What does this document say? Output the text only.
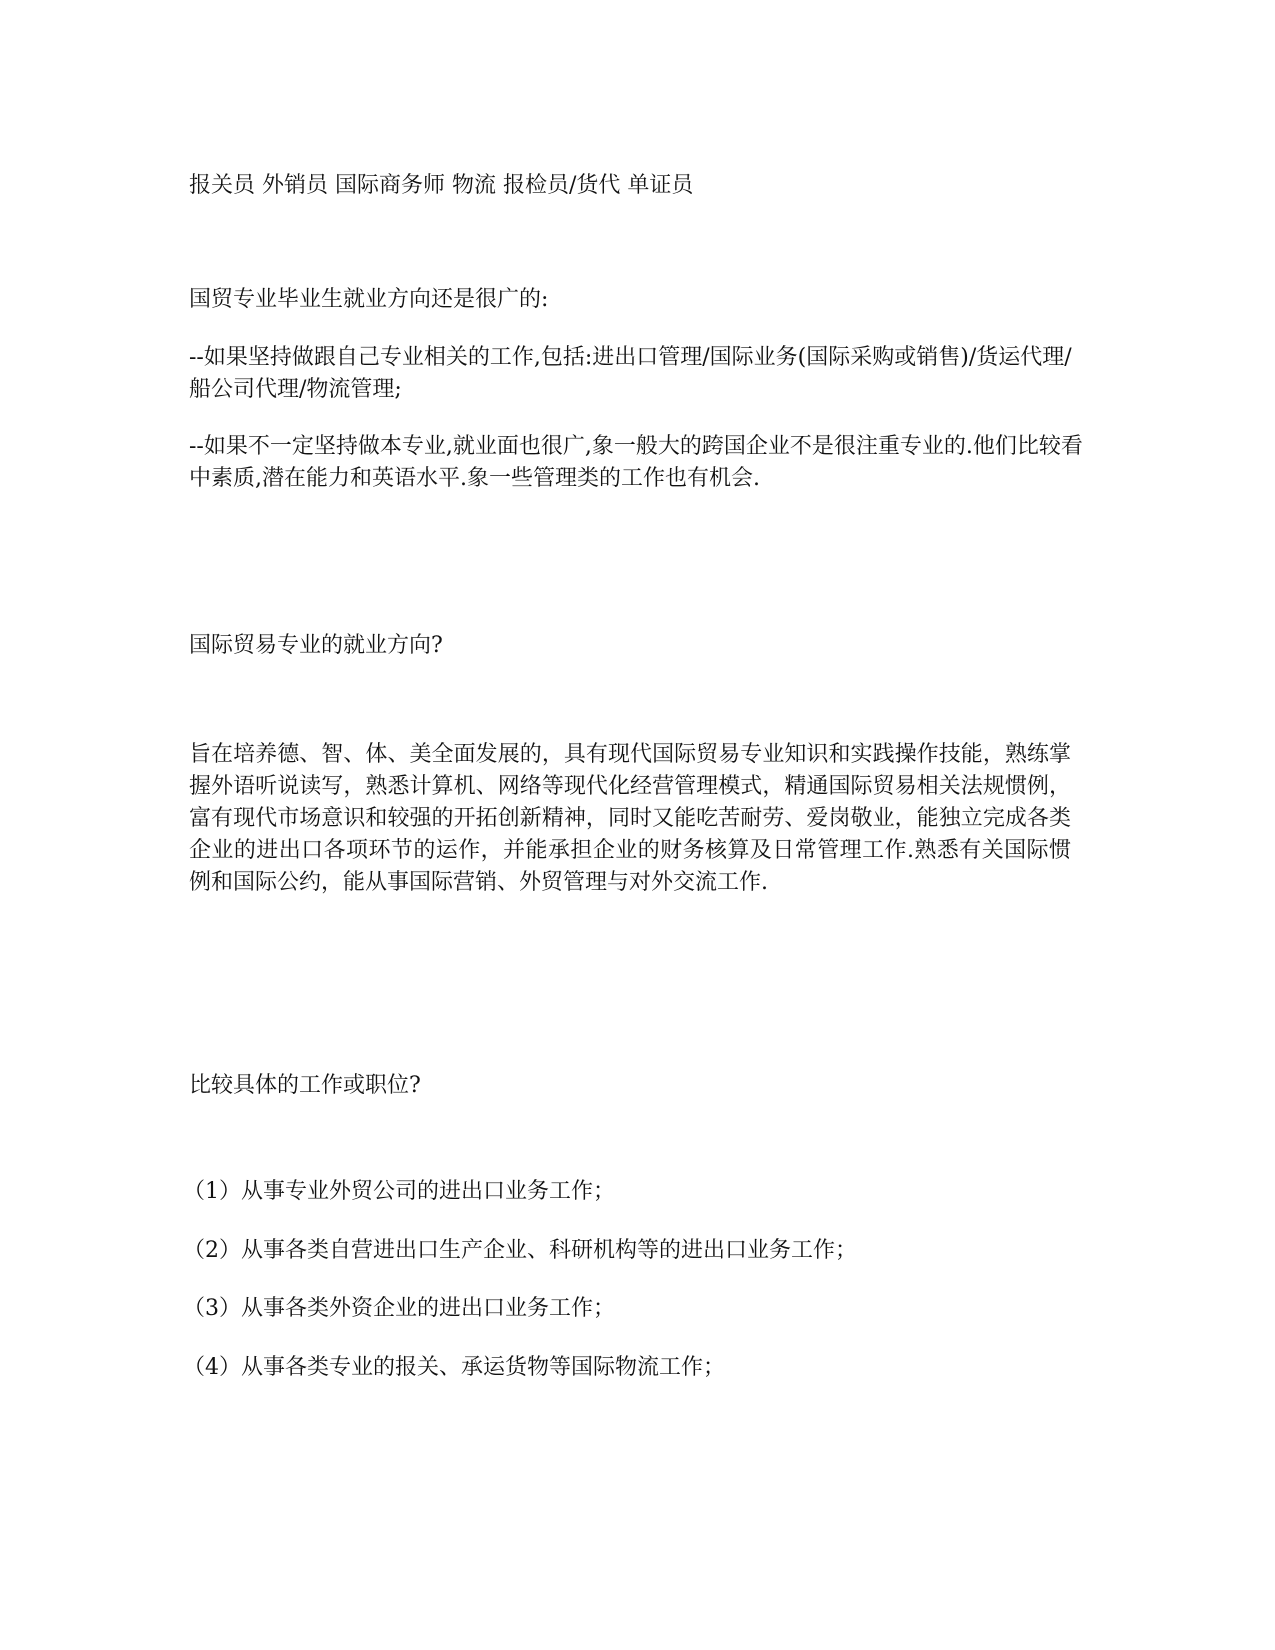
报关员 外销员 国际商务师 物流 报检员/货代 单证员

国贸专业毕业生就业方向还是很广的:

--如果坚持做跟自己专业相关的工作,包括:进出口管理/国际业务(国际采购或销售)/货运代理/船公司代理/物流管理;

--如果不一定坚持做本专业,就业面也很广,象一般大的跨国企业不是很注重专业的.他们比较看中素质,潜在能力和英语水平.象一些管理类的工作也有机会.

国际贸易专业的就业方向?

旨在培养德、智、体、美全面发展的，具有现代国际贸易专业知识和实践操作技能，熟练掌握外语听说读写，熟悉计算机、网络等现代化经营管理模式，精通国际贸易相关法规惯例，富有现代市场意识和较强的开拓创新精神，同时又能吃苦耐劳、爱岗敬业，能独立完成各类企业的进出口各项环节的运作，并能承担企业的财务核算及日常管理工作.熟悉有关国际惯例和国际公约，能从事国际营销、外贸管理与对外交流工作.

比较具体的工作或职位?

（1）从事专业外贸公司的进出口业务工作；

（2）从事各类自营进出口生产企业、科研机构等的进出口业务工作；

（3）从事各类外资企业的进出口业务工作；

（4）从事各类专业的报关、承运货物等国际物流工作；
